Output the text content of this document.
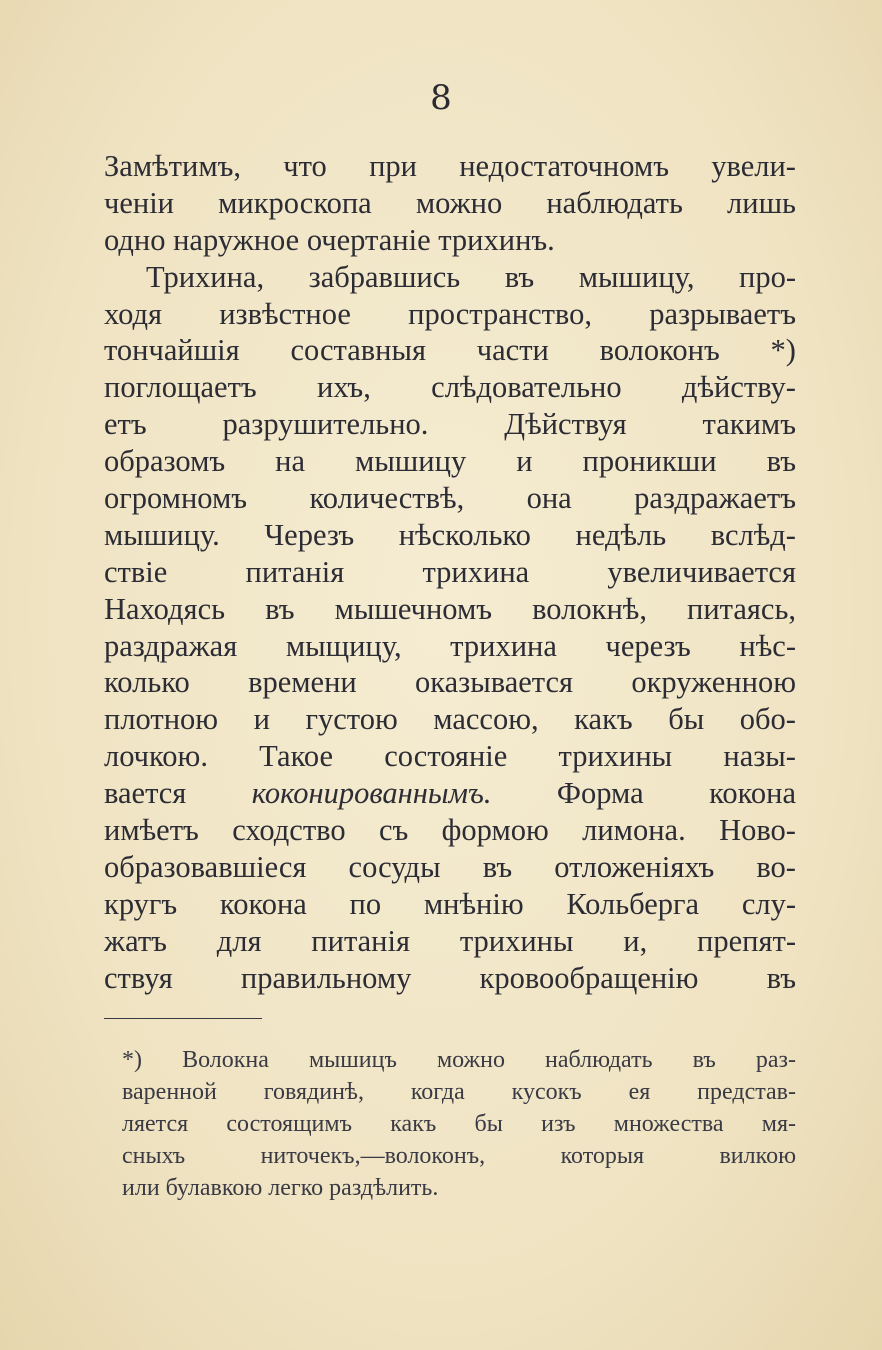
8
Замѣтимъ, что при недостаточномъ увели-
ченіи микроскопа можно наблюдать лишь
одно
наружное
очертаніе
трихинъ.

Трихина, забравшись въ мышицу, про-
ходя извѣстное пространство, разрываетъ
тончайшія составныя части волоконъ *)
поглощаетъ ихъ, слѣдовательно дѣйству-
етъ разрушительно. Дѣйствуя такимъ
образомъ на мышицу и проникши въ
огромномъ количествѣ, она раздражаетъ
мышицу. Черезъ нѣсколько недѣль вслѣд-
ствіе	питанія	трихина	увеличивается
Находясь въ мышечномъ волокнѣ, питаясь,
раздражая мыщицу, трихина черезъ нѣс-
колько времени оказывается окруженною
плотною и густою массою, какъ бы обо-
лочкою. Такое состояніе трихины назы-
вается коконированнымъ. Форма кокона
имѣетъ сходство съ формою лимона. Ново-
образовавшіеся сосуды въ отложеніяхъ во-
кругъ кокона по мнѣнію Кольберга слу-
жатъ для питанія трихины и, препят-
ствуя правильному кровообращенію въ
*) Волокна мышицъ можно наблюдать въ раз-
варенной говядинѣ, когда кусокъ ея представ-
ляется состоящимъ какъ бы изъ множества мя-
сныхъ	ниточекъ,—волоконъ,	которыя	вилкою
или
булавкою
легко
раздѣлить.
